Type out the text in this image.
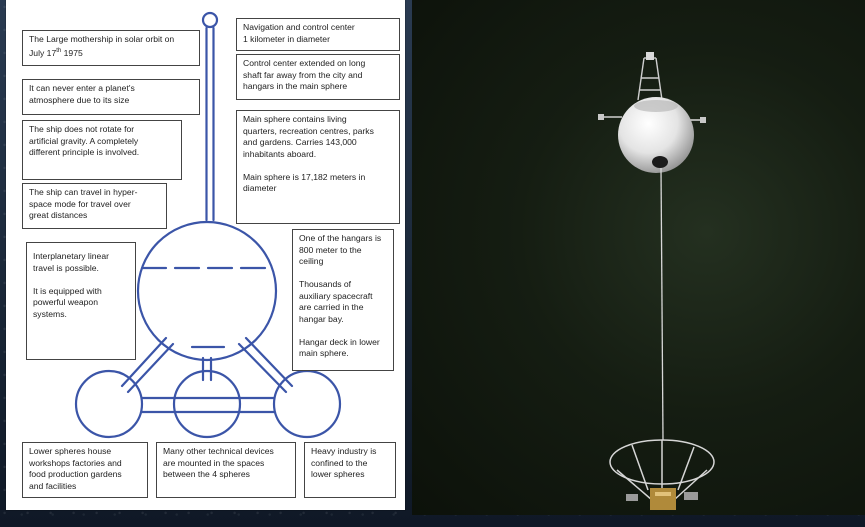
The Large mothership in solar orbit on
July 17th 1975
It can never enter a planet's
atmosphere due to its size
The ship does not rotate for
artificial gravity. A completely
different principle is involved.
The ship can travel in hyper-
space mode for travel over
great distances
Interplanetary linear
travel is possible.

It is equipped with
powerful weapon
systems.
Navigation and control center
1 kilometer in diameter
Control center extended on long
shaft far away from the city and
hangars in the main sphere
Main sphere contains living
quarters, recreation centres, parks
and gardens. Carries 143,000
inhabitants aboard.

Main sphere is 17,182 meters in
diameter
One of the hangars is
800 meter to the
ceiling

Thousands of
auxiliary spacecraft
are carried in the
hangar bay.

Hangar deck in lower
main sphere.
Lower spheres house
workshops factories and
food production gardens
and facilities
Many other technical devices
are mounted in the spaces
between the 4 spheres
Heavy industry is
confined to the
lower spheres
